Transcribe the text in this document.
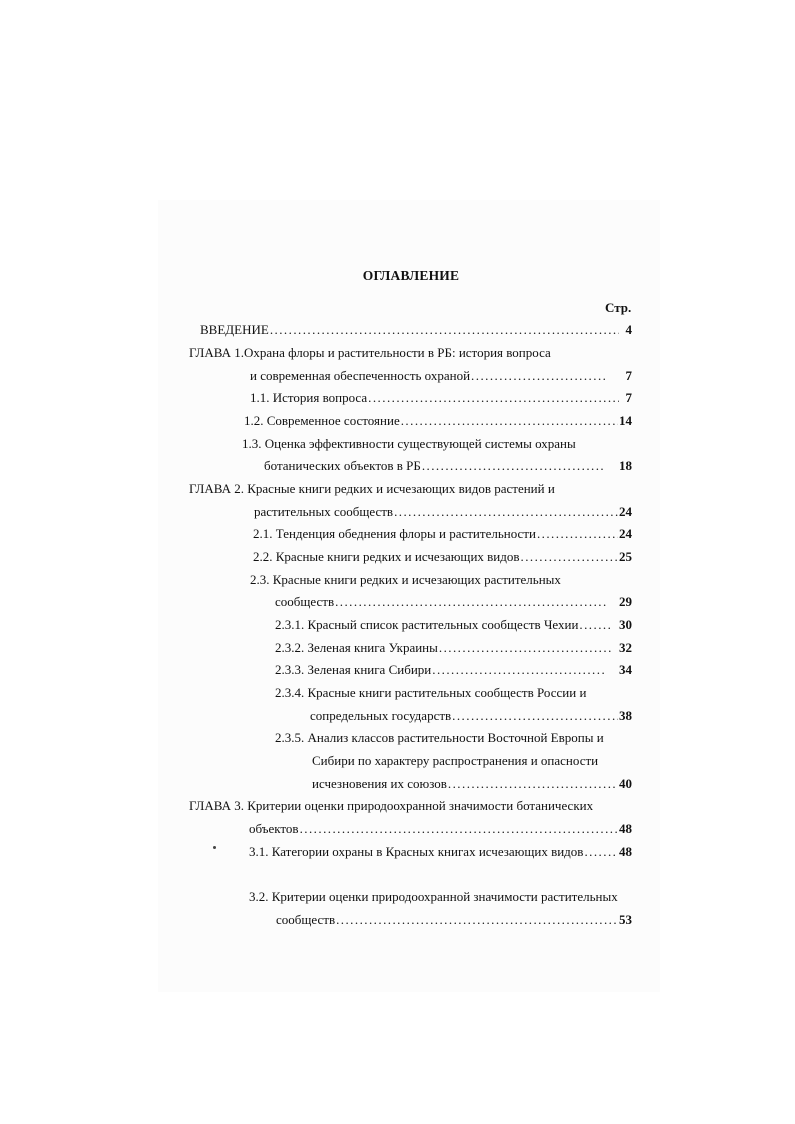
ОГЛАВЛЕНИЕ
Стр.
ВВЕДЕНИЕ . . .	4
ГЛАВА 1.Охрана флоры и растительности в РБ: история вопроса
и современная обеспеченность охраной . . .	7
1.1. История вопроса . . .	7
1.2. Современное состояние . . .	14
1.3. Оценка эффективности существующей системы охраны
ботанических объектов в РБ . . .	18
ГЛАВА 2. Красные книги редких и исчезающих видов растений и
растительных сообществ . . .	24
2.1. Тенденция обеднения флоры и растительности . . .	24
2.2. Красные книги редких и исчезающих видов . . .	25
2.3. Красные книги редких и исчезающих растительных
сообществ . . .	29
2.3.1. Красный список растительных сообществ Чехии . . .	30
2.3.2. Зеленая книга Украины . . .	32
2.3.3. Зеленая книга Сибири . . .	34
2.3.4. Красные книги растительных сообществ России и
сопредельных государств . . .	38
2.3.5. Анализ классов растительности Восточной Европы и
Сибири по характеру распространения и опасности
исчезновения их союзов . . .	40
ГЛАВА 3. Критерии оценки природоохранной значимости ботанических
объектов . . .	48
3.1. Категории охраны в Красных книгах исчезающих видов . . .	48
3.2. Критерии оценки природоохранной значимости растительных
сообществ . . .	53
